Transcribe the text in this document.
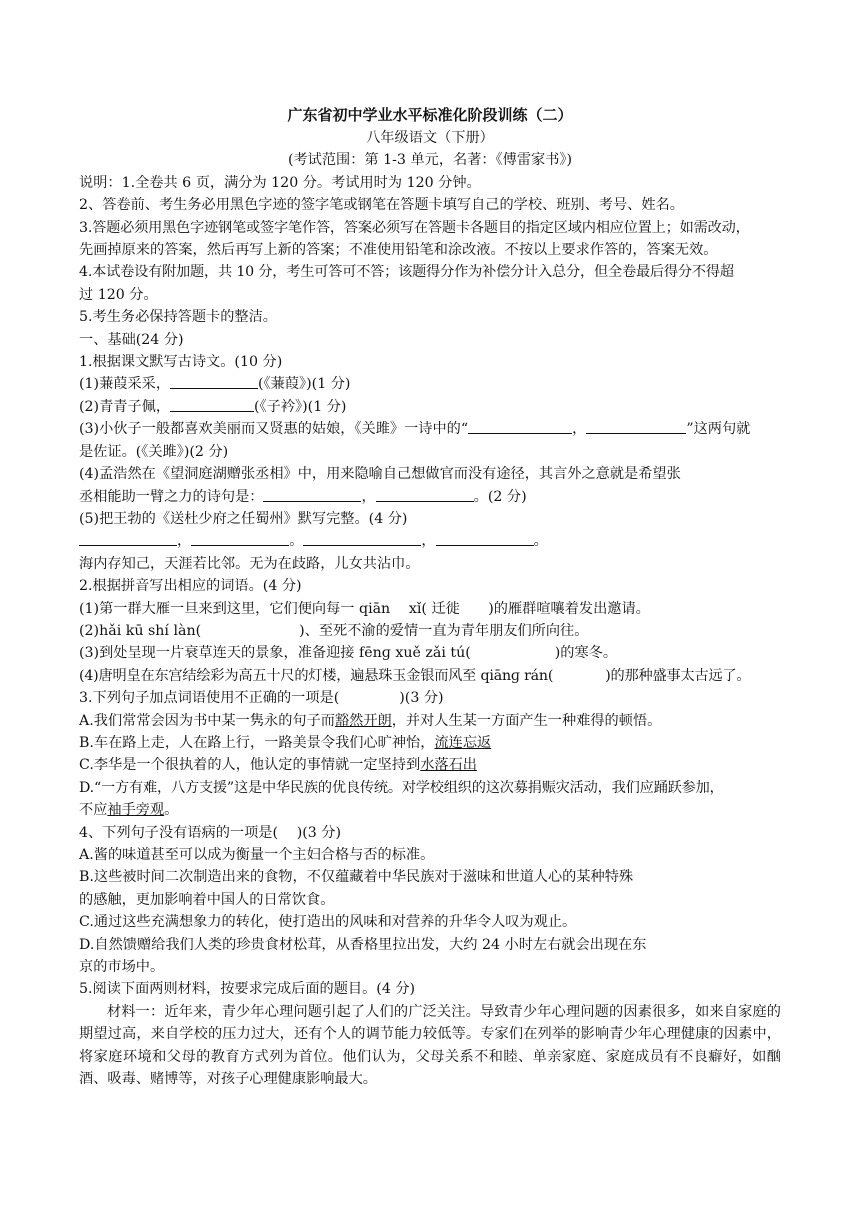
广东省初中学业水平标准化阶段训练（二）
八年级语文（下册）
(考试范围：第 1-3 单元，名著：《傅雷家书》)
说明：1.全卷共 6 页，满分为 120 分。考试用时为 120 分钟。
2、答卷前、考生务必用黑色字迹的签字笔或钢笔在答题卡填写自己的学校、班别、考号、姓名。
3.答题必须用黑色字迹钢笔或签字笔作答，答案必须写在答题卡各题目的指定区域内相应位置上；如需改动，
先画掉原来的答案，然后再写上新的答案；不准使用铅笔和涂改液。不按以上要求作答的，答案无效。
4.本试卷设有附加题，共 10 分，考生可答可不答；该题得分作为补偿分计入总分，但全卷最后得分不得超
过 120 分。
5.考生务必保持答题卡的整洁。
一、基础(24 分)
1.根据课文默写古诗文。(10 分)
(1)蒹葭采采，	(《蒹葭》)(1 分)
(2)青青子佩，	(《子衿》)(1 分)
(3)小伙子一般都喜欢美丽而又贤惠的姑娘，《关雎》一诗中的“	，	”这两句就
是佐证。(《关雎》)(2 分)
(4)孟浩然在《望洞庭湖赠张丞相》中，用来隐喻自己想做官而没有途径，其言外之意就是希望张
丞相能助一臂之力的诗句是：	，	。(2 分)
(5)把王勃的《送杜少府之任蜀州》默写完整。(4 分)
，	。	，	。
海内存知己，天涯若比邻。无为在歧路，儿女共沾巾。
2.根据拼音写出相应的词语。(4 分)
(1)第一群大雁一旦来到这里，它们便向每一 qiān　 xǐ( 迁徙　　)的雁群喧嚷着发出邀请。
(2)hǎi kū shí làn(	)、至死不渝的爱情一直为青年朋友们所向往。
(3)到处呈现一片衰草连天的景象，准备迎接 fēnɡ xuě zǎi tú(	)的寒冬。
(4)唐明皇在东宫结绘彩为高五十尺的灯楼，遍悬珠玉金银而风至 qiānɡ rán(	)的那种盛事太古远了。
3.下列句子加点词语使用不正确的一项是(	)(3 分)
A.我们常常会因为书中某一隽永的句子而豁然开朗，并对人生某一方面产生一种难得的顿悟。
B.车在路上走，人在路上行，一路美景令我们心旷神怡，流连忘返
C.李华是一个很执着的人，他认定的事情就一定坚持到水落石出
D.“一方有难，八方支援”这是中华民族的优良传统。对学校组织的这次募捐赈灾活动，我们应踊跃参加，
不应袖手旁观。
4、下列句子没有语病的一项是(　 )(3 分)
A.酱的味道甚至可以成为衡量一个主妇合格与否的标准。
B.这些被时间二次制造出来的食物，不仅蕴藏着中华民族对于滋味和世道人心的某种特殊
的感触，更加影响着中国人的日常饮食。
C.通过这些充满想象力的转化，使打造出的风味和对营养的升华令人叹为观止。
D.自然馈赠给我们人类的珍贵食材松茸，从香格里拉出发，大约 24 小时左右就会出现在东
京的市场中。
5.阅读下面两则材料，按要求完成后面的题目。(4 分)
材料一：近年来，青少年心理问题引起了人们的广泛关注。导致青少年心理问题的因素很多，如来自家庭的期望过高，来自学校的压力过大，还有个人的调节能力较低等。专家们在列举的影响青少年心理健康的因素中，将家庭环境和父母的教育方式列为首位。他们认为，父母关系不和睦、单亲家庭、家庭成员有不良癖好，如酗酒、吸毒、赌博等，对孩子心理健康影响最大。
